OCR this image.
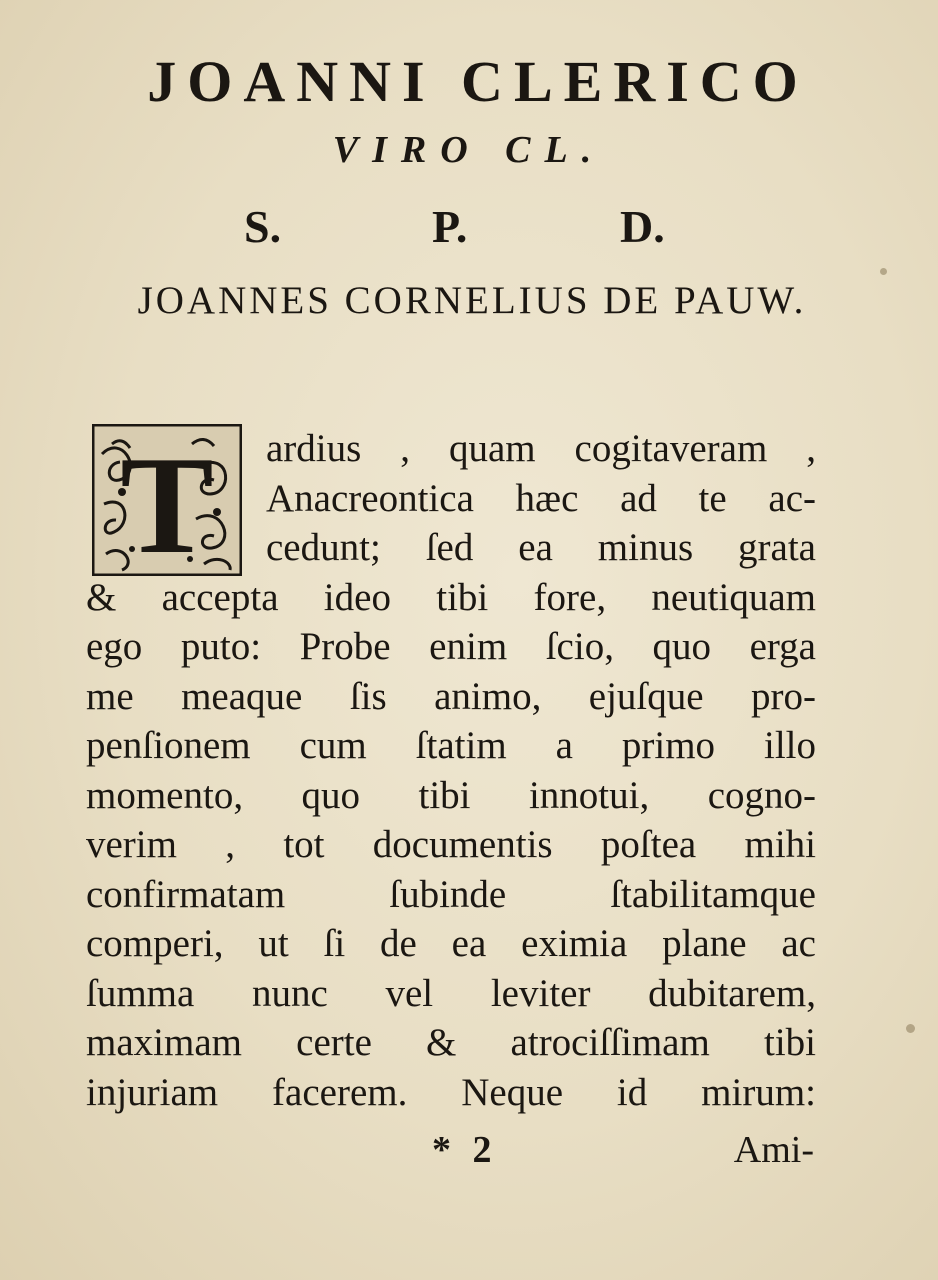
JOANNI CLERICO
VIRO CL.
S.	P.	D.
JOANNES CORNELIUS DE PAUW.
T	ardius , quam cogitaveram ,
Anacreontica hæc ad te ac-
cedunt; ſed ea minus grata
& accepta ideo tibi fore, neutiquam
ego puto: Probe enim ſcio, quo erga
me meaque ſis animo, ejuſque pro-
penſionem cum ſtatim a primo illo
momento, quo tibi innotui, cogno-
verim , tot documentis poſtea mihi
confirmatam ſubinde ſtabilitamque
comperi, ut ſi de ea eximia plane ac
ſumma nunc vel leviter dubitarem,
maximam certe & atrociſſimam tibi
injuriam facerem. Neque id mirum:
* 2	Ami-
